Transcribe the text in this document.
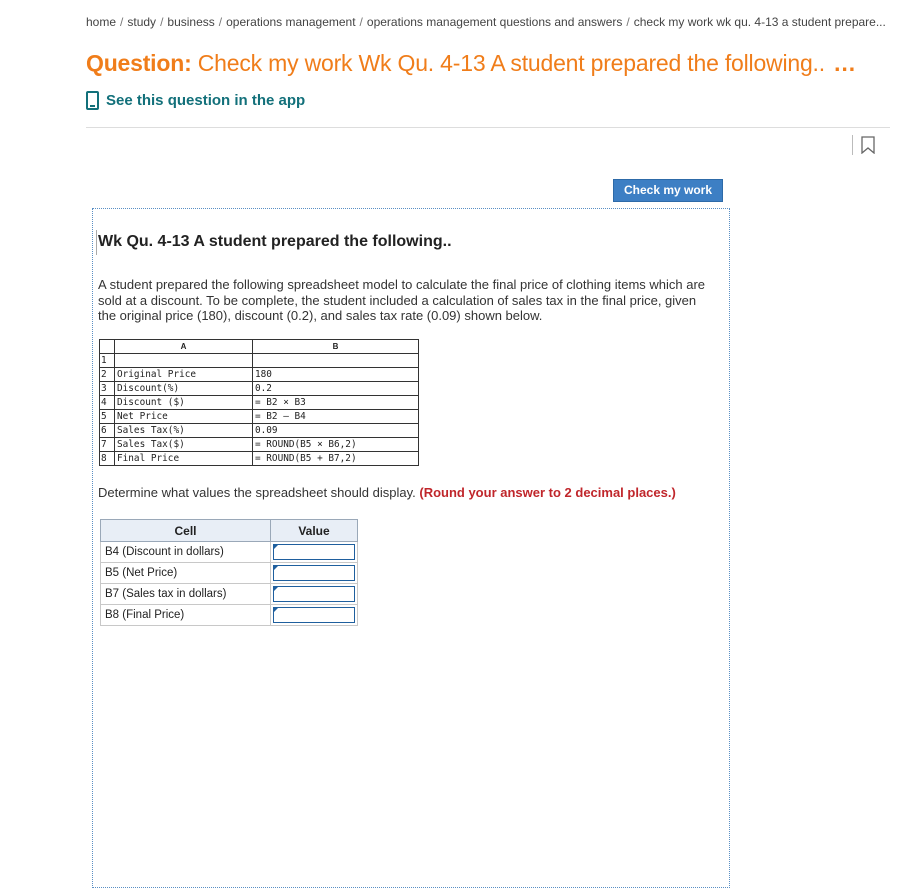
home / study / business / operations management / operations management questions and answers / check my work wk qu. 4-13 a student prepare...
Question: Check my work Wk Qu. 4-13 A student prepared the following.. …
See this question in the app
Check my work
Wk Qu. 4-13 A student prepared the following..
A student prepared the following spreadsheet model to calculate the final price of clothing items which are sold at a discount. To be complete, the student included a calculation of sales tax in the final price, given the original price (180), discount (0.2), and sales tax rate (0.09) shown below.
	A	B
1		
2	Original Price	180
3	Discount(%)	0.2
4	Discount ($)	= B2 × B3
5	Net Price	= B2 – B4
6	Sales Tax(%)	0.09
7	Sales Tax($)	= ROUND(B5 × B6,2)
8	Final Price	= ROUND(B5 + B7,2)
Determine what values the spreadsheet should display. (Round your answer to 2 decimal places.)
Cell	Value
B4 (Discount in dollars)	

B5 (Net Price)	

B7 (Sales tax in dollars)	

B8 (Final Price)	
